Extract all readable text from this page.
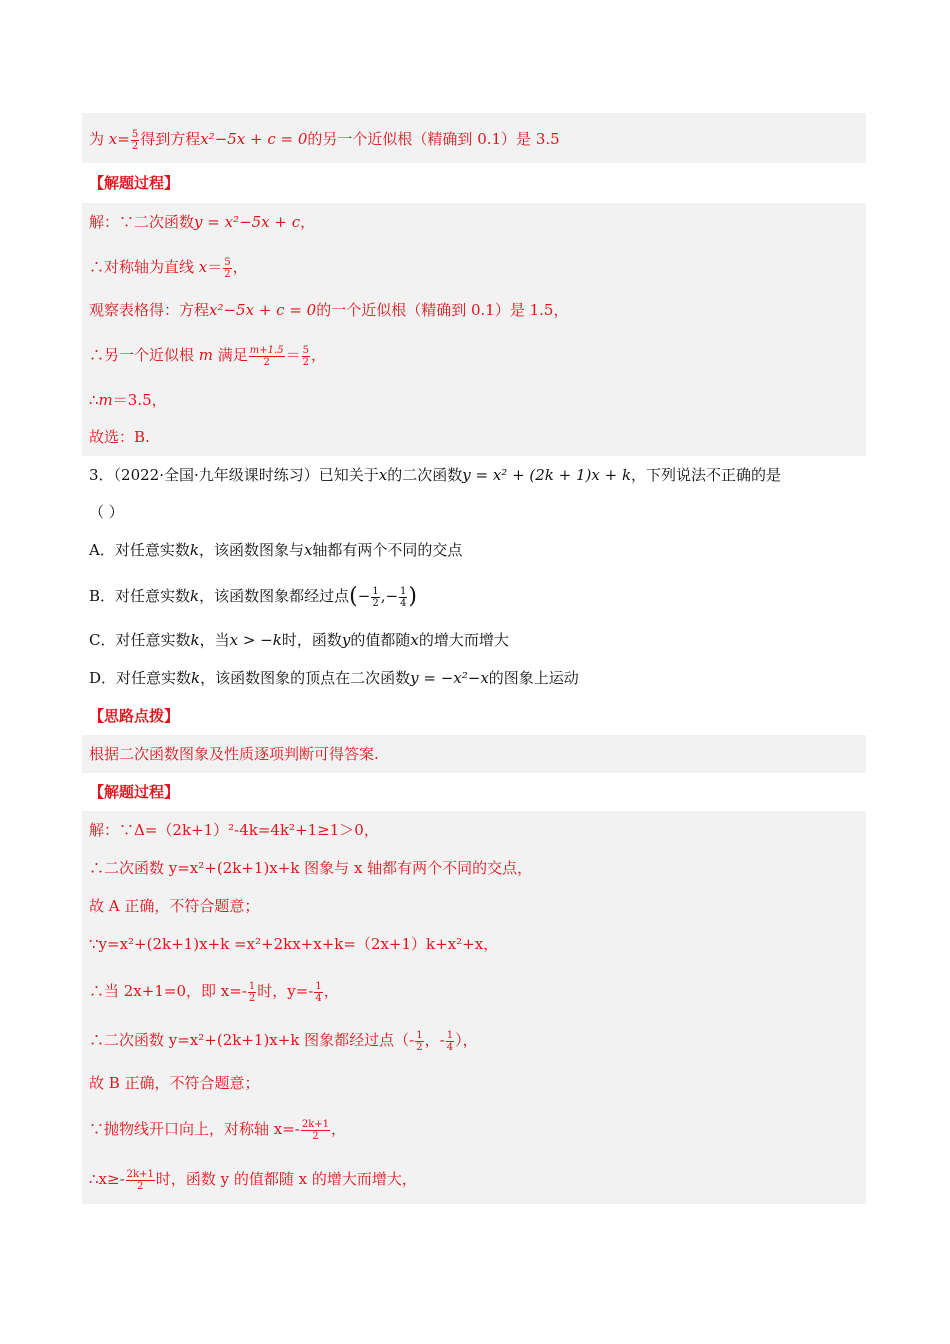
为 $x= \frac{5}{2}$ 得到方程x²−5x + c = 0的另一个近似根（精确到 0.1）是 3.5
【解题过程】
解：∵二次函数y = x²−5x + c，
∴对称轴为直线 $x= \frac{5}{2}$ ，
观察表格得：方程x²−5x + c = 0的一个近似根（精确到 0.1）是 1.5，
∴另一个近似根 m 满足 $\frac{m+1.5}{2} = \frac{5}{2}$ ，
∴m＝3.5，
故选：B.
3．（2022·全国·九年级课时练习）已知关于x的二次函数y = x² + (2k + 1)x + k，下列说法不正确的是
（ ）
A．对任意实数k，该函数图象与x轴都有两个不同的交点
B．对任意实数k，该函数图象都经过点(− $\frac{1}{2}$ ,− $\frac{1}{4}$ )
C．对任意实数k，当x > −k时，函数y的值都随x的增大而增大
D．对任意实数k，该函数图象的顶点在二次函数y = −x²−x的图象上运动
【思路点拨】
根据二次函数图象及性质逐项判断可得答案.
【解题过程】
解：∵Δ=（2k+1）²-4k=4k²+1≥1＞0，
∴二次函数 y=x²+(2k+1)x+k 图象与 x 轴都有两个不同的交点，
故 A 正确，不符合题意；
∵y=x²+(2k+1)x+k =x²+2kx+x+k=（2x+1）k+x²+x，
∴当 2x+1=0，即 $x=- \frac{1}{2}$ 时，$y=- \frac{1}{4}$ ，
∴二次函数 y=x²+(2k+1)x+k 图象都经过点（- $\frac{1}{2}$ ，- $\frac{1}{4}$ ），
故 B 正确，不符合题意；
∵抛物线开口向上，对称轴 $x=- \frac{2k+1}{2}$ ，
∴x≥- $\frac{2k+1}{2}$ 时，函数 y 的值都随 x 的增大而增大，
